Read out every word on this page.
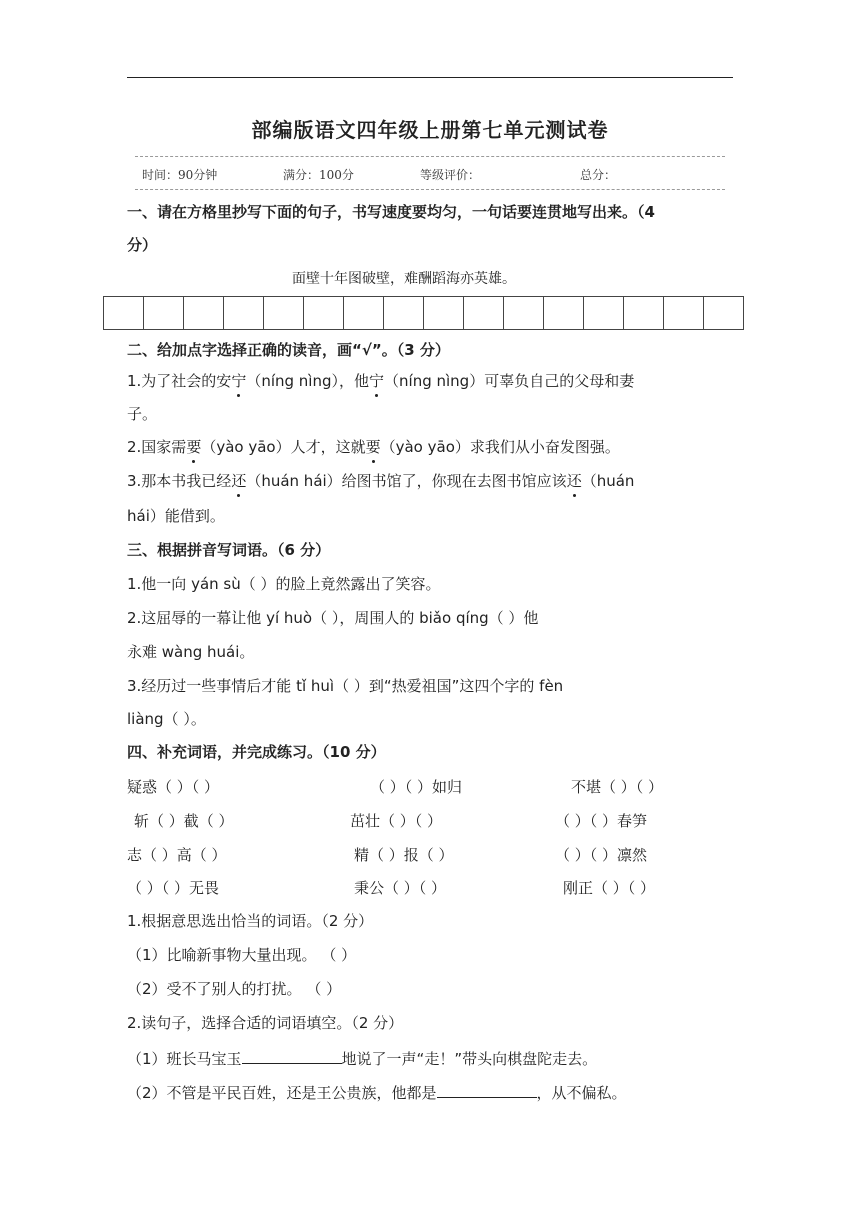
部编版语文四年级上册第七单元测试卷
时间：90分钟	满分：100分	等级评价：	总分：
一、请在方格里抄写下面的句子，书写速度要均匀，一句话要连贯地写出来。（4
分）
面壁十年图破壁，难酬蹈海亦英雄。
二、给加点字选择正确的读音，画“√”。（3 分）
1.为了社会的安宁（níng nìng），他宁（níng nìng）可辜负自己的父母和妻
子。
2.国家需要（yào yāo）人才，这就要（yào yāo）求我们从小奋发图强。
3.那本书我已经还（huán hái）给图书馆了，你现在去图书馆应该还（huán
hái）能借到。
三、根据拼音写词语。（6 分）
1.他一向 yán sù（ ）的脸上竟然露出了笑容。
2.这屈辱的一幕让他 yí huò（ ），周围人的 biǎo qíng（ ）他
永难 wàng huái。
3.经历过一些事情后才能 tǐ huì（ ）到“热爱祖国”这四个字的 fèn
liàng（ ）。
四、补充词语，并完成练习。（10 分）
疑惑（ ）（ ）	（ ）（ ）如归	不堪（ ）（ ）
斩（ ）截（ ）	茁壮（ ）（ ）	（ ）（ ）春笋
志（ ）高（ ）	精（ ）报（ ）	（ ）（ ）凛然
（ ）（ ）无畏	秉公（ ）（ ）	刚正（ ）（ ）
1.根据意思选出恰当的词语。（2 分）
（1）比喻新事物大量出现。 （ ）
（2）受不了别人的打扰。 （ ）
2.读句子，选择合适的词语填空。（2 分）
（1）班长马宝玉	地说了一声“走！”带头向棋盘陀走去。
（2）不管是平民百姓，还是王公贵族，他都是	，从不偏私。
